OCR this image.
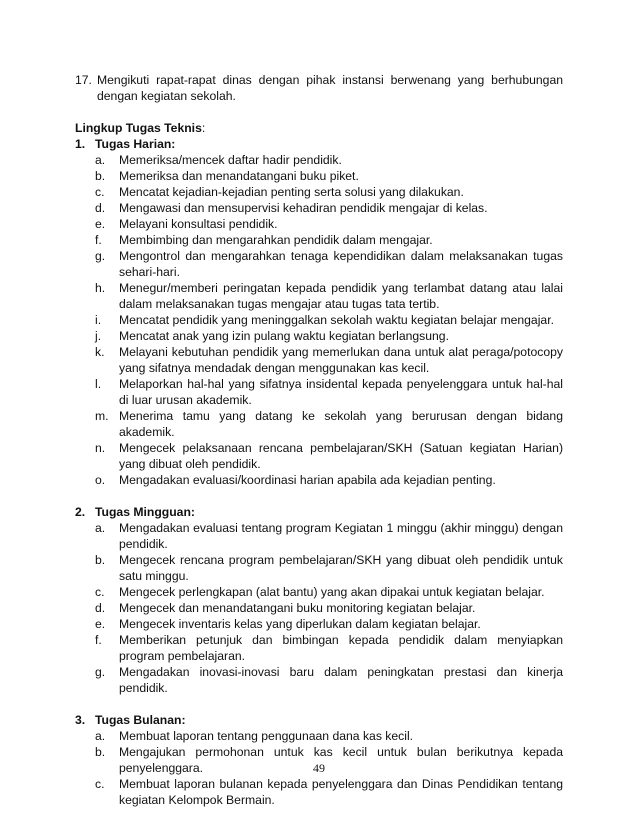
17. Mengikuti rapat-rapat dinas dengan pihak instansi berwenang yang berhubungan dengan kegiatan sekolah.
Lingkup Tugas Teknis:
1. Tugas Harian:
a. Memeriksa/mencek daftar hadir pendidik.
b. Memeriksa dan menandatangani buku piket.
c. Mencatat kejadian-kejadian penting serta solusi yang dilakukan.
d. Mengawasi dan mensupervisi kehadiran pendidik mengajar di kelas.
e. Melayani konsultasi pendidik.
f. Membimbing dan mengarahkan pendidik dalam mengajar.
g. Mengontrol dan mengarahkan tenaga kependidikan dalam melaksanakan tugas sehari-hari.
h. Menegur/memberi peringatan kepada pendidik yang terlambat datang atau lalai dalam melaksanakan tugas mengajar atau tugas tata tertib.
i. Mencatat pendidik yang meninggalkan sekolah waktu kegiatan belajar mengajar.
j. Mencatat anak yang izin pulang waktu kegiatan berlangsung.
k. Melayani kebutuhan pendidik yang memerlukan dana untuk alat peraga/potocopy yang sifatnya mendadak dengan menggunakan kas kecil.
l. Melaporkan hal-hal yang sifatnya insidental kepada penyelenggara untuk hal-hal di luar urusan akademik.
m. Menerima tamu yang datang ke sekolah yang berurusan dengan bidang akademik.
n. Mengecek pelaksanaan rencana pembelajaran/SKH (Satuan kegiatan Harian) yang dibuat oleh pendidik.
o. Mengadakan evaluasi/koordinasi harian apabila ada kejadian penting.
2. Tugas Mingguan:
a. Mengadakan evaluasi tentang program Kegiatan 1 minggu (akhir minggu) dengan pendidik.
b. Mengecek rencana program pembelajaran/SKH yang dibuat oleh pendidik untuk satu minggu.
c. Mengecek perlengkapan (alat bantu) yang akan dipakai untuk kegiatan belajar.
d. Mengecek dan menandatangani buku monitoring kegiatan belajar.
e. Mengecek inventaris kelas yang diperlukan dalam kegiatan belajar.
f. Memberikan petunjuk dan bimbingan kepada pendidik dalam menyiapkan program pembelajaran.
g. Mengadakan inovasi-inovasi baru dalam peningkatan prestasi dan kinerja pendidik.
3. Tugas Bulanan:
a. Membuat laporan tentang penggunaan dana kas kecil.
b. Mengajukan permohonan untuk kas kecil untuk bulan berikutnya kepada penyelenggara.
c. Membuat laporan bulanan kepada penyelenggara dan Dinas Pendidikan tentang kegiatan Kelompok Bermain.
49
